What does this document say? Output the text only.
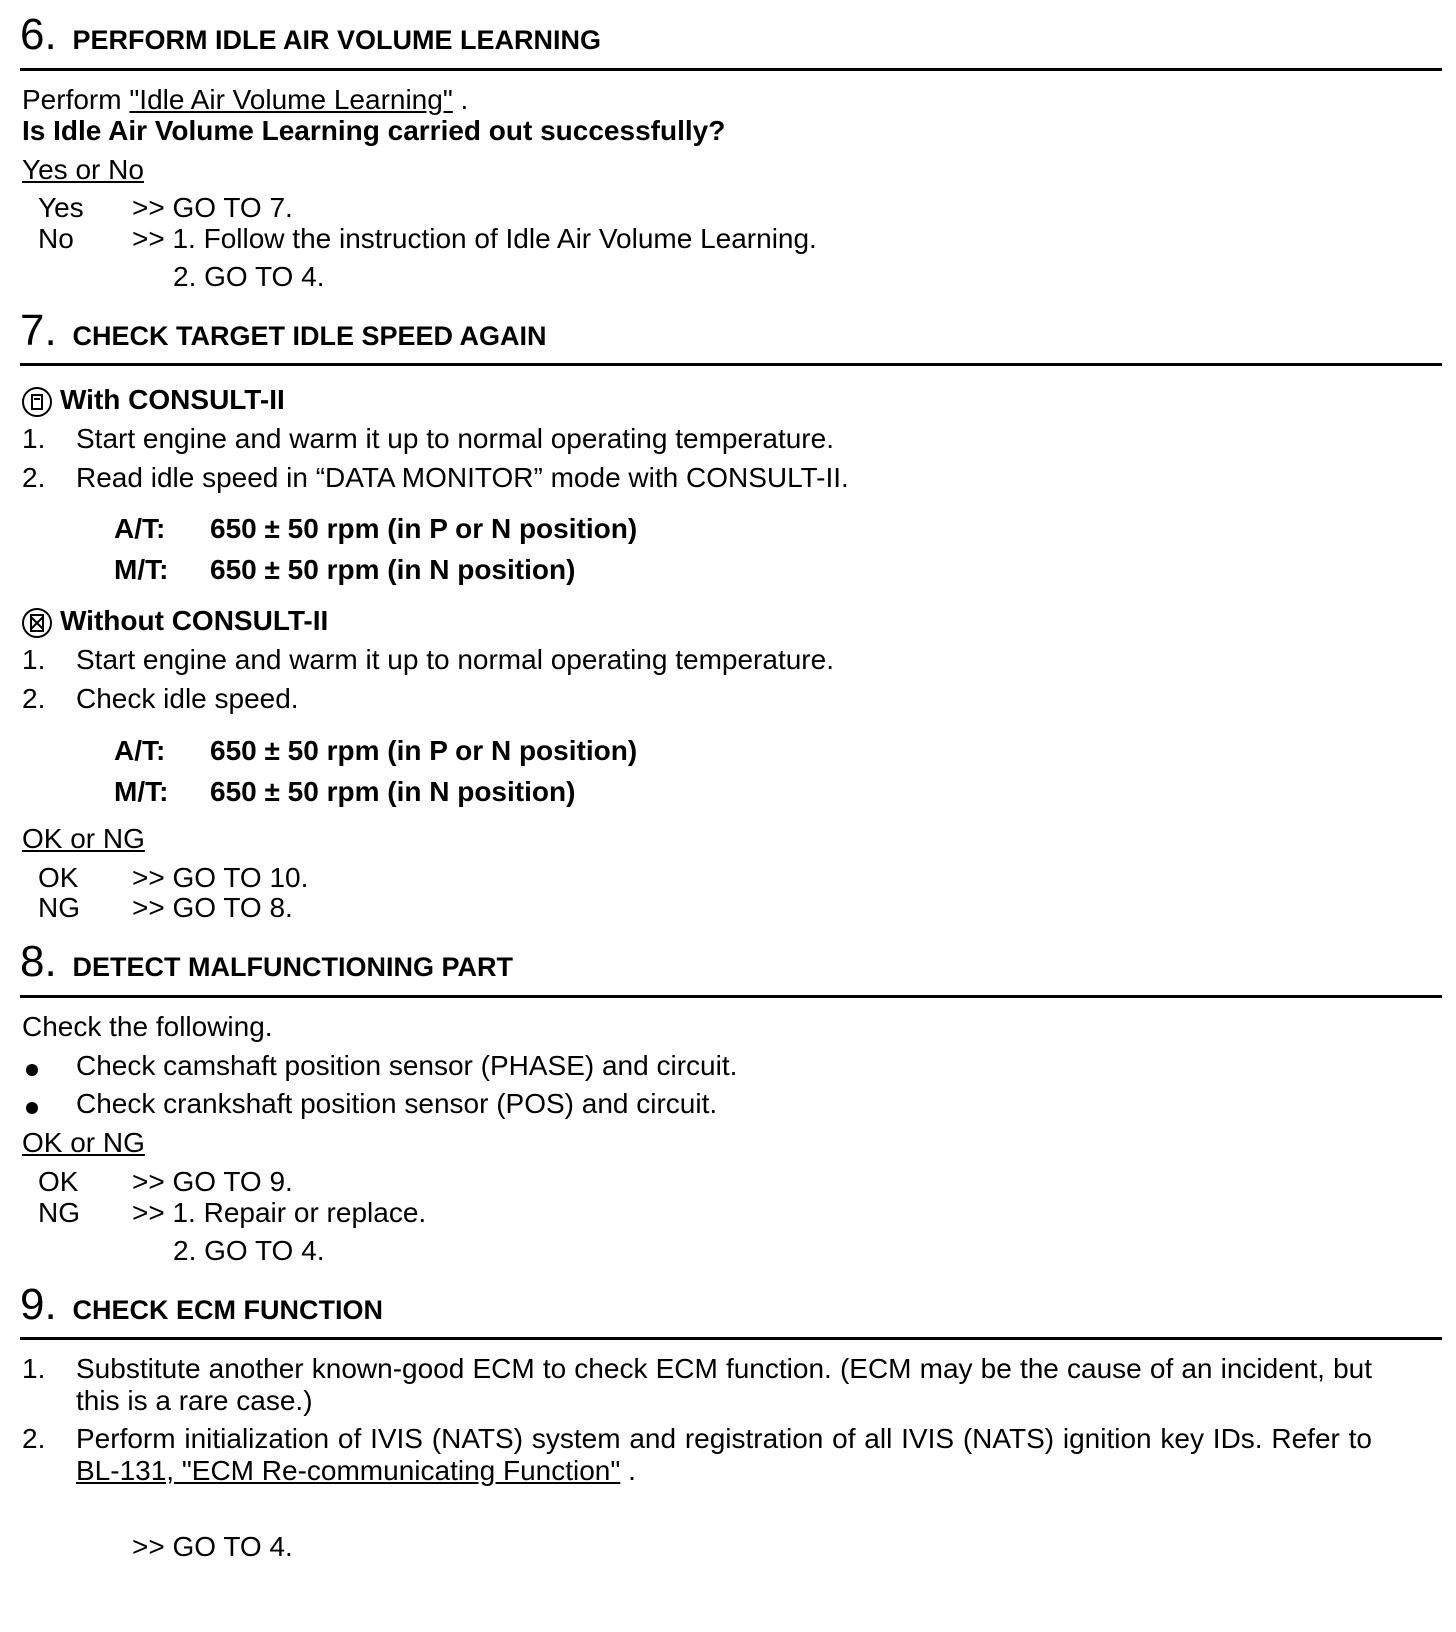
6. PERFORM IDLE AIR VOLUME LEARNING
Perform "Idle Air Volume Learning" .
Is Idle Air Volume Learning carried out successfully?
Yes or No
Yes >> GO TO 7.
No >> 1. Follow the instruction of Idle Air Volume Learning.
2. GO TO 4.
7. CHECK TARGET IDLE SPEED AGAIN
With CONSULT-II
1. Start engine and warm it up to normal operating temperature.
2. Read idle speed in “DATA MONITOR” mode with CONSULT-II.
A/T: 650 ± 50 rpm (in P or N position)
M/T: 650 ± 50 rpm (in N position)
Without CONSULT-II
1. Start engine and warm it up to normal operating temperature.
2. Check idle speed.
A/T: 650 ± 50 rpm (in P or N position)
M/T: 650 ± 50 rpm (in N position)
OK or NG
OK >> GO TO 10.
NG >> GO TO 8.
8. DETECT MALFUNCTIONING PART
Check the following.
Check camshaft position sensor (PHASE) and circuit.
Check crankshaft position sensor (POS) and circuit.
OK or NG
OK >> GO TO 9.
NG >> 1. Repair or replace.
2. GO TO 4.
9. CHECK ECM FUNCTION
1. Substitute another known-good ECM to check ECM function. (ECM may be the cause of an incident, but this is a rare case.)
2. Perform initialization of IVIS (NATS) system and registration of all IVIS (NATS) ignition key IDs. Refer to BL-131, "ECM Re-communicating Function" .
>> GO TO 4.
